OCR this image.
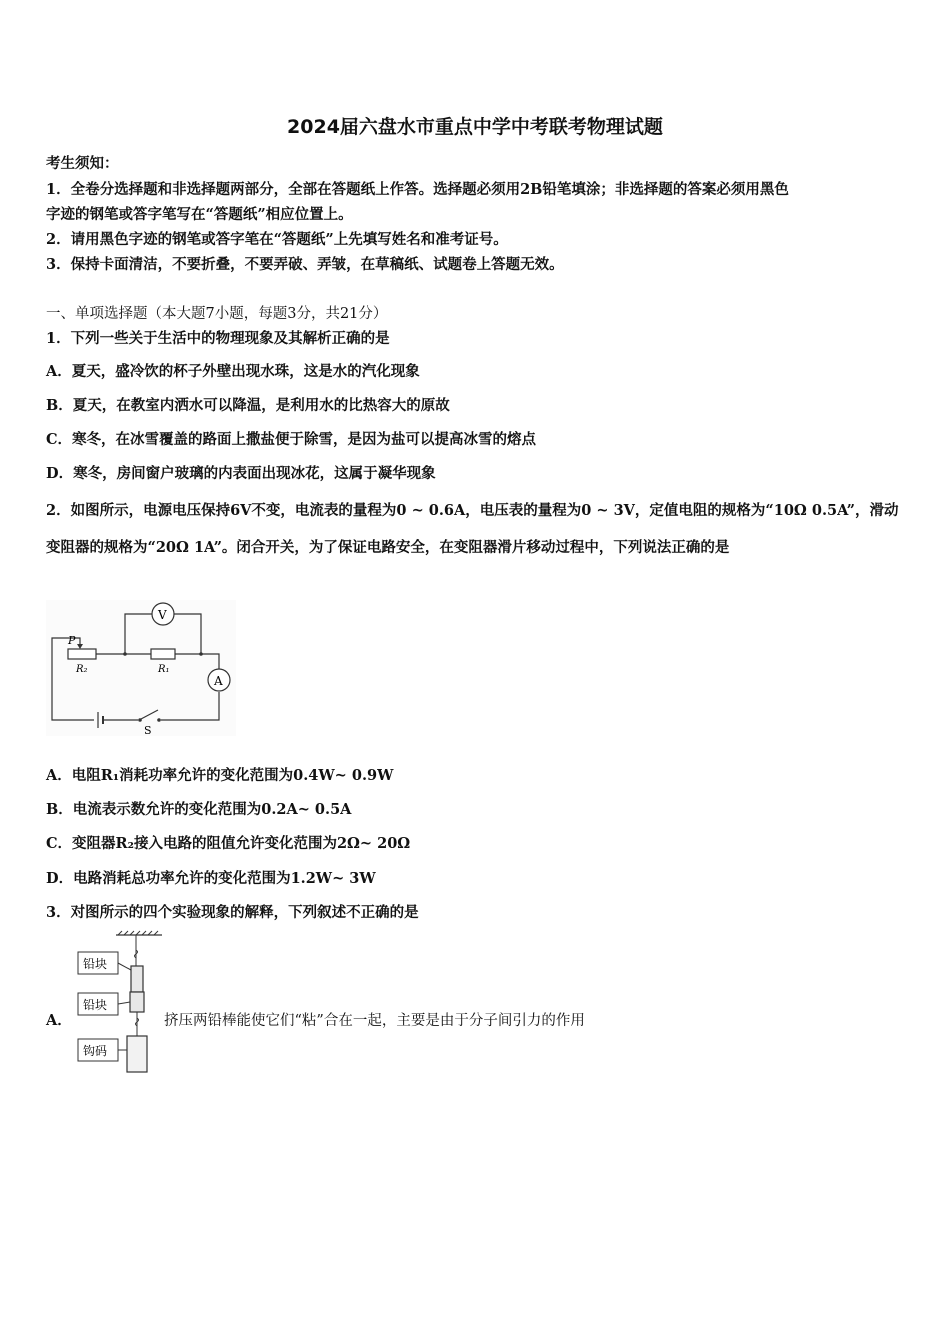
2024届六盘水市重点中学中考联考物理试题
考生须知：
1．全卷分选择题和非选择题两部分，全部在答题纸上作答。选择题必须用2B铅笔填涂；非选择题的答案必须用黑色
字迹的钢笔或答字笔写在“答题纸”相应位置上。
2．请用黑色字迹的钢笔或答字笔在“答题纸”上先填写姓名和准考证号。
3．保持卡面清洁，不要折叠，不要弄破、弄皱，在草稿纸、试题卷上答题无效。
一、单项选择题（本大题7小题，每题3分，共21分）
1．下列一些关于生活中的物理现象及其解析正确的是
A．夏天，盛冷饮的杯子外壁出现水珠，这是水的汽化现象
B．夏天，在教室内洒水可以降温，是利用水的比热容大的原故
C．寒冬，在冰雪覆盖的路面上撒盐便于除雪，是因为盐可以提高冰雪的熔点
D．寒冬，房间窗户玻璃的内表面出现冰花，这属于凝华现象
2．如图所示，电源电压保持6V不变，电流表的量程为0 ~ 0.6A，电压表的量程为0 ~ 3V，定值电阻的规格为“10Ω 0.5A”，滑动变阻器的规格为“20Ω 1A”。闭合开关，为了保证电路安全，在变阻器滑片移动过程中，下列说法正确的是
A
P
R₂	R₁
V
S
A．电阻R₁消耗功率允许的变化范围为0.4W~ 0.9W
B．电流表示数允许的变化范围为0.2A~ 0.5A
C．变阻器R₂接入电路的阻值允许变化范围为2Ω~ 20Ω
D．电路消耗总功率允许的变化范围为1.2W~ 3W
3．对图所示的四个实验现象的解释，下列叙述不正确的是
A．
铅块
铅块
钩码
挤压两铅棒能使它们“粘”合在一起，主要是由于分子间引力的作用
